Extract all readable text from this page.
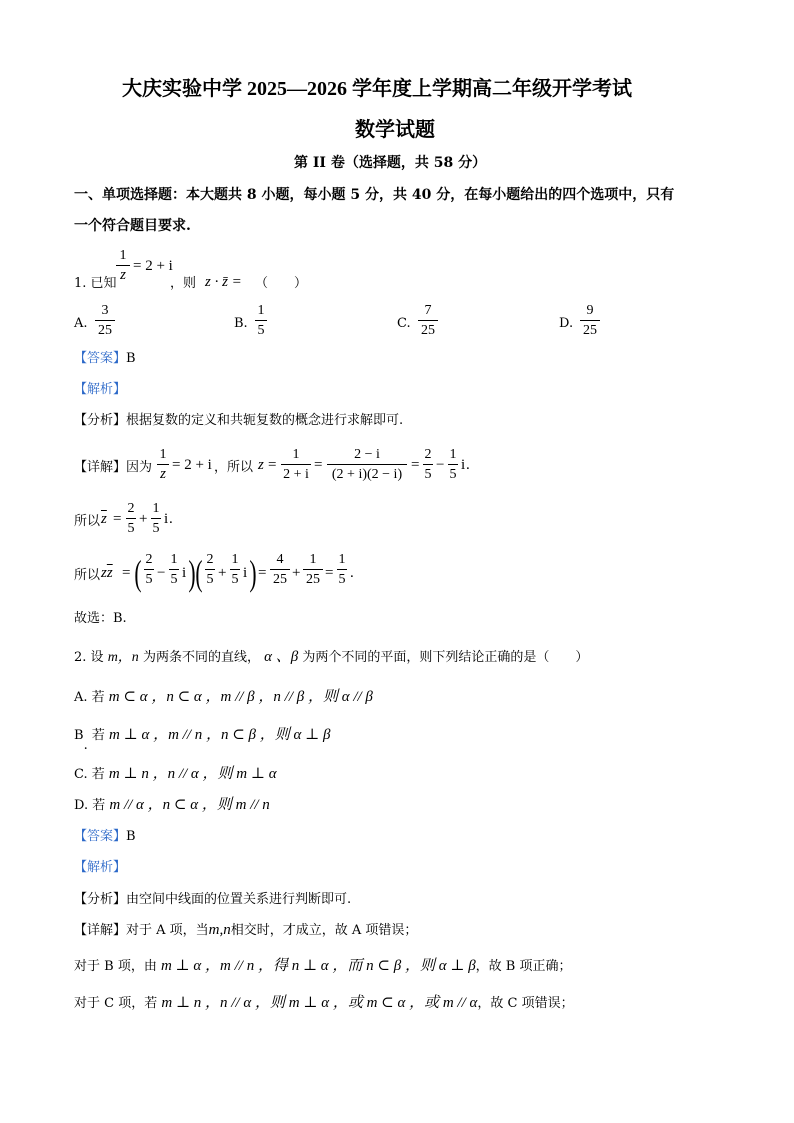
大庆实验中学 2025—2026 学年度上学期高二年级开学考试
数学试题
第 II 卷（选择题，共 58 分）
一、单项选择题：本大题共 8 小题，每小题 5 分，共 40 分，在每小题给出的四个选项中，只有
一个符合题目要求.
1. 已知
1
z
= 2 + i
，则 z · z̄ = （　　）
A.
3
25	B.
1
5	C.
7
25	D.
9
25
【答案】B
【解析】
【分析】根据复数的定义和共轭复数的概念进行求解即可.
【详解】因为
1
z
= 2 + i ，所以 z =
1
2 + i
=
2 − i
(2 + i)(2 − i)
=
2
5
−
1
5
i .
所以 $\overline{z}$ =
2
5
+
1
5
i .
所以 $z\overline{z}$ = ( 2
5 −
1
5 i ) ( 2
5 +
1
5 i ) =
4
25 +
1
25 =
1
5 .
故选：B.
2. 设 m，n 为两条不同的直线， α 、β 为两个不同的平面，则下列结论正确的是（　　）
A. 若 m ⊂ α ，n ⊂ α ，m // β ，n // β ，则 α // β
B. 若 m ⊥ α ，m // n ，n ⊂ β ，则 α ⊥ β
C. 若 m ⊥ n ，n // α ，则 m ⊥ α
D. 若 m // α ，n ⊂ α ，则 m // n
【答案】B
【解析】
【分析】由空间中线面的位置关系进行判断即可.
【详解】对于 A 项，当m,n相交时，才成立，故 A 项错误；
对于 B 项，由 m ⊥ α ，m // n ，得 n ⊥ α ，而 n ⊂ β ，则 α ⊥ β，故 B 项正确；
对于 C 项，若 m ⊥ n ，n // α ，则 m ⊥ α ，或 m ⊂ α ，或 m // α，故 C 项错误；
